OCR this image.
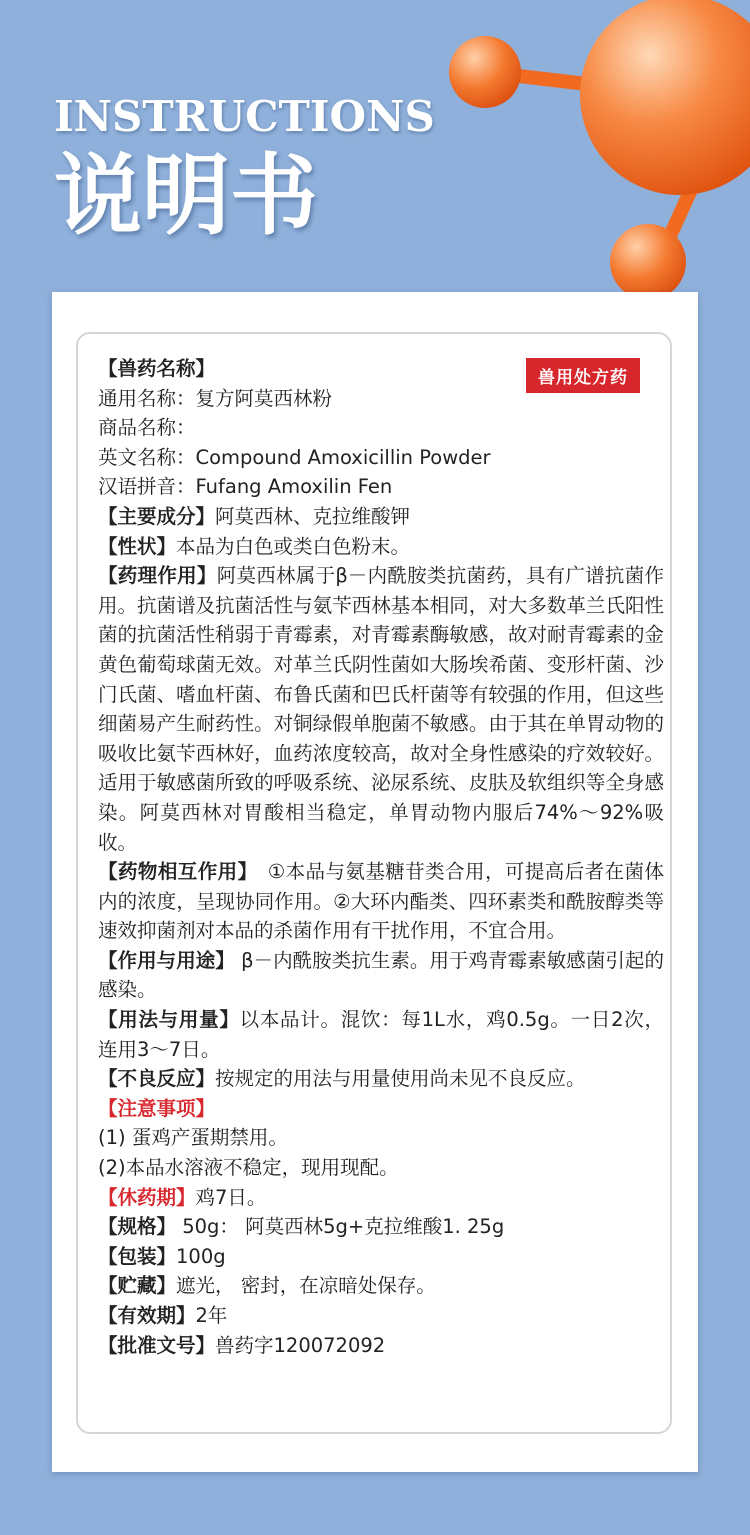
INSTRUCTIONS
说明书
兽用处方药
【兽药名称】
通用名称：复方阿莫西林粉
商品名称：
英文名称：Compound Amoxicillin Powder
汉语拼音：Fufang Amoxilin Fen
【主要成分】阿莫西林、克拉维酸钾
【性状】本品为白色或类白色粉末。
【药理作用】阿莫西林属于β－内酰胺类抗菌药，具有广谱抗菌作用。抗菌谱及抗菌活性与氨苄西林基本相同，对大多数革兰氏阳性菌的抗菌活性稍弱于青霉素，对青霉素酶敏感，故对耐青霉素的金黄色葡萄球菌无效。对革兰氏阴性菌如大肠埃希菌、变形杆菌、沙门氏菌、嗜血杆菌、布鲁氏菌和巴氏杆菌等有较强的作用，但这些细菌易产生耐药性。对铜绿假单胞菌不敏感。由于其在单胃动物的吸收比氨苄西林好，血药浓度较高，故对全身性感染的疗效较好。适用于敏感菌所致的呼吸系统、泌尿系统、皮肤及软组织等全身感染。阿莫西林对胃酸相当稳定，单胃动物内服后74%～92%吸收。
【药物相互作用】　①本品与氨基糖苷类合用，可提高后者在菌体内的浓度，呈现协同作用。②大环内酯类、四环素类和酰胺醇类等速效抑菌剂对本品的杀菌作用有干扰作用，不宜合用。
【作用与用途】 β－内酰胺类抗生素。用于鸡青霉素敏感菌引起的感染。
【用法与用量】以本品计。混饮：每1L水，鸡0.5g。一日2次，连用3～7日。
【不良反应】按规定的用法与用量使用尚未见不良反应。
【注意事项】
(1) 蛋鸡产蛋期禁用。
(2)本品水溶液不稳定，现用现配。
【休药期】鸡7日。
【规格】 50g： 阿莫西林5g+克拉维酸1. 25g
【包装】100g
【贮藏】遮光， 密封，在凉暗处保存。
【有效期】2年
【批准文号】兽药字120072092
